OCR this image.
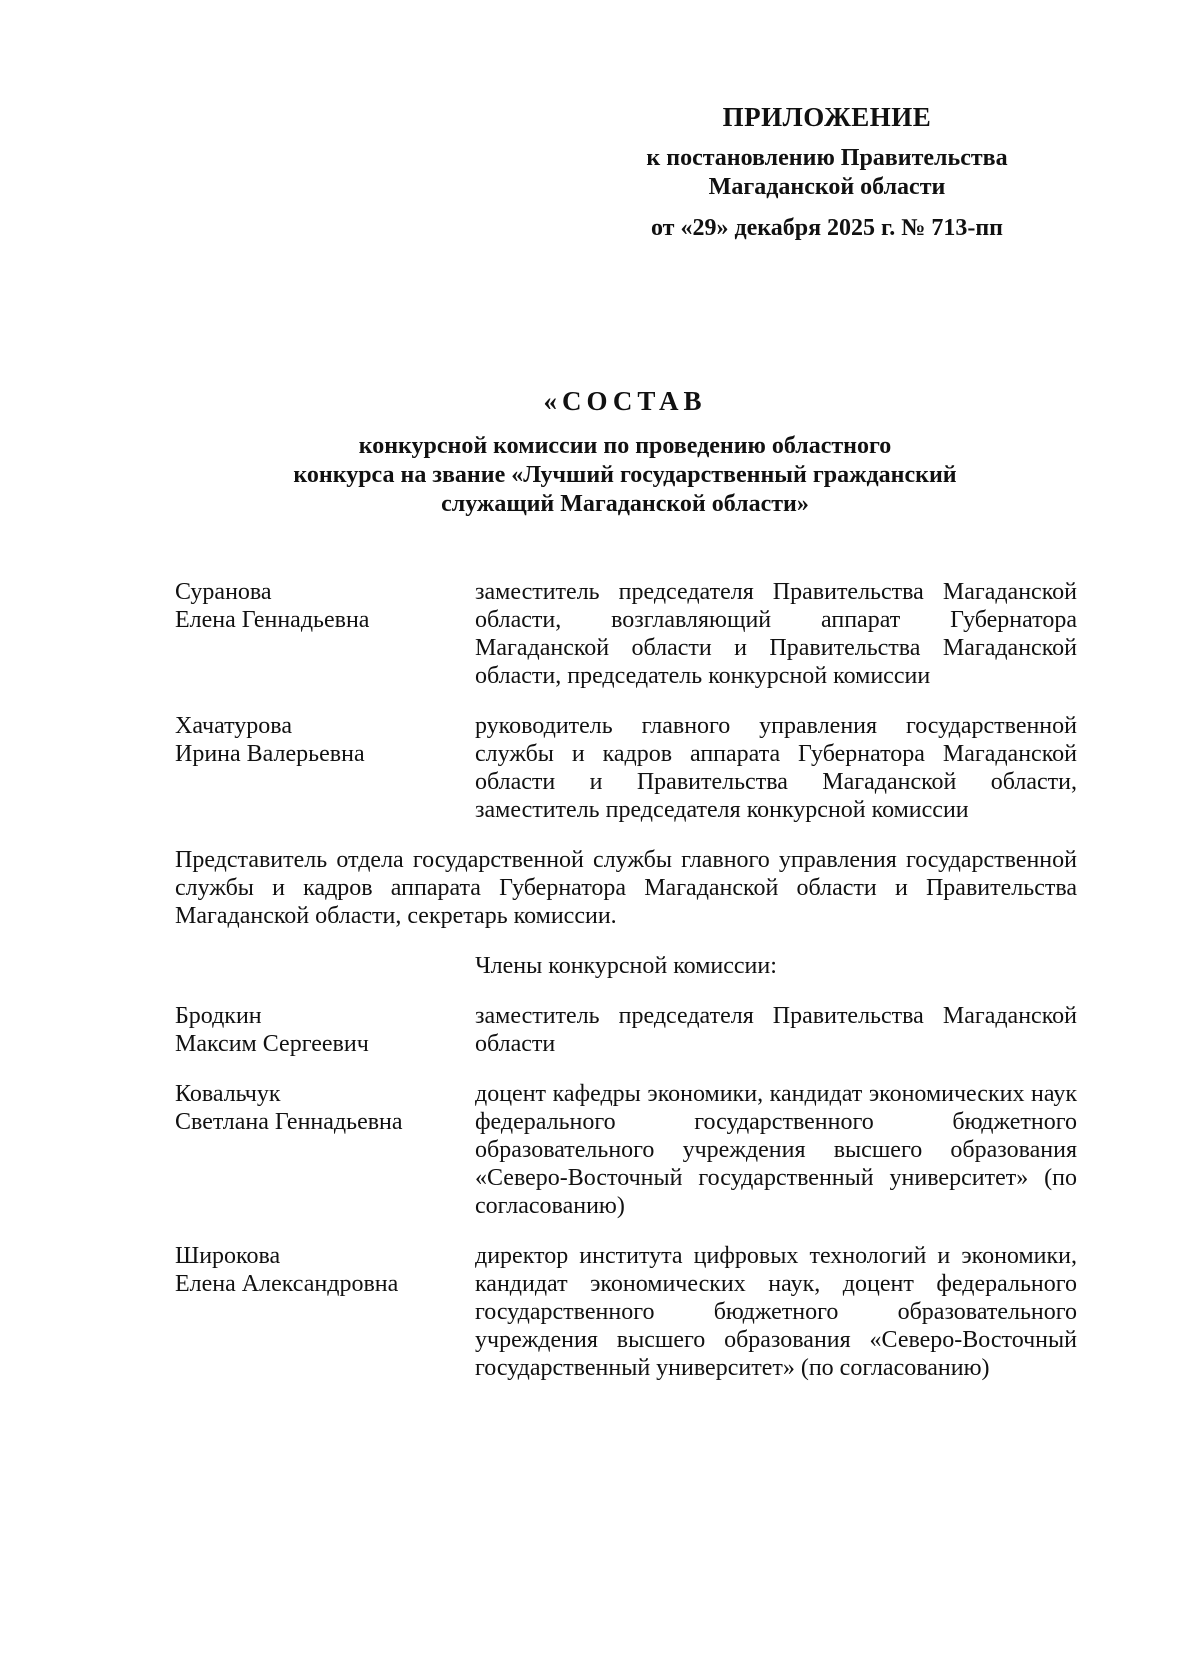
ПРИЛОЖЕНИЕ
к постановлению Правительства
Магаданской области
от «29» декабря 2025 г. № 713-пп
«СОСТАВ
конкурсной комиссии по проведению областного
конкурса на звание «Лучший государственный гражданский
служащий Магаданской области»
Суранова
Елена Геннадьевна
заместитель председателя Правительства Магаданской области, возглавляющий аппарат Губернатора Магаданской области и Правительства Магаданской области, председатель конкурсной комиссии
Хачатурова
Ирина Валерьевна
руководитель главного управления государственной службы и кадров аппарата Губернатора Магаданской области и Правительства Магаданской области, заместитель председателя конкурсной комиссии
Представитель отдела государственной службы главного управления государственной службы и кадров аппарата Губернатора Магаданской области и Правительства Магаданской области, секретарь комиссии.
Члены конкурсной комиссии:
Бродкин
Максим Сергеевич
заместитель председателя Правительства Магаданской области
Ковальчук
Светлана Геннадьевна
доцент кафедры экономики, кандидат экономических наук федерального государственного бюджетного образовательного учреждения высшего образования «Северо-Восточный государственный университет» (по согласованию)
Широкова
Елена Александровна
директор института цифровых технологий и экономики, кандидат экономических наук, доцент федерального государственного бюджетного образовательного учреждения высшего образования «Северо-Восточный государственный университет» (по согласованию)
